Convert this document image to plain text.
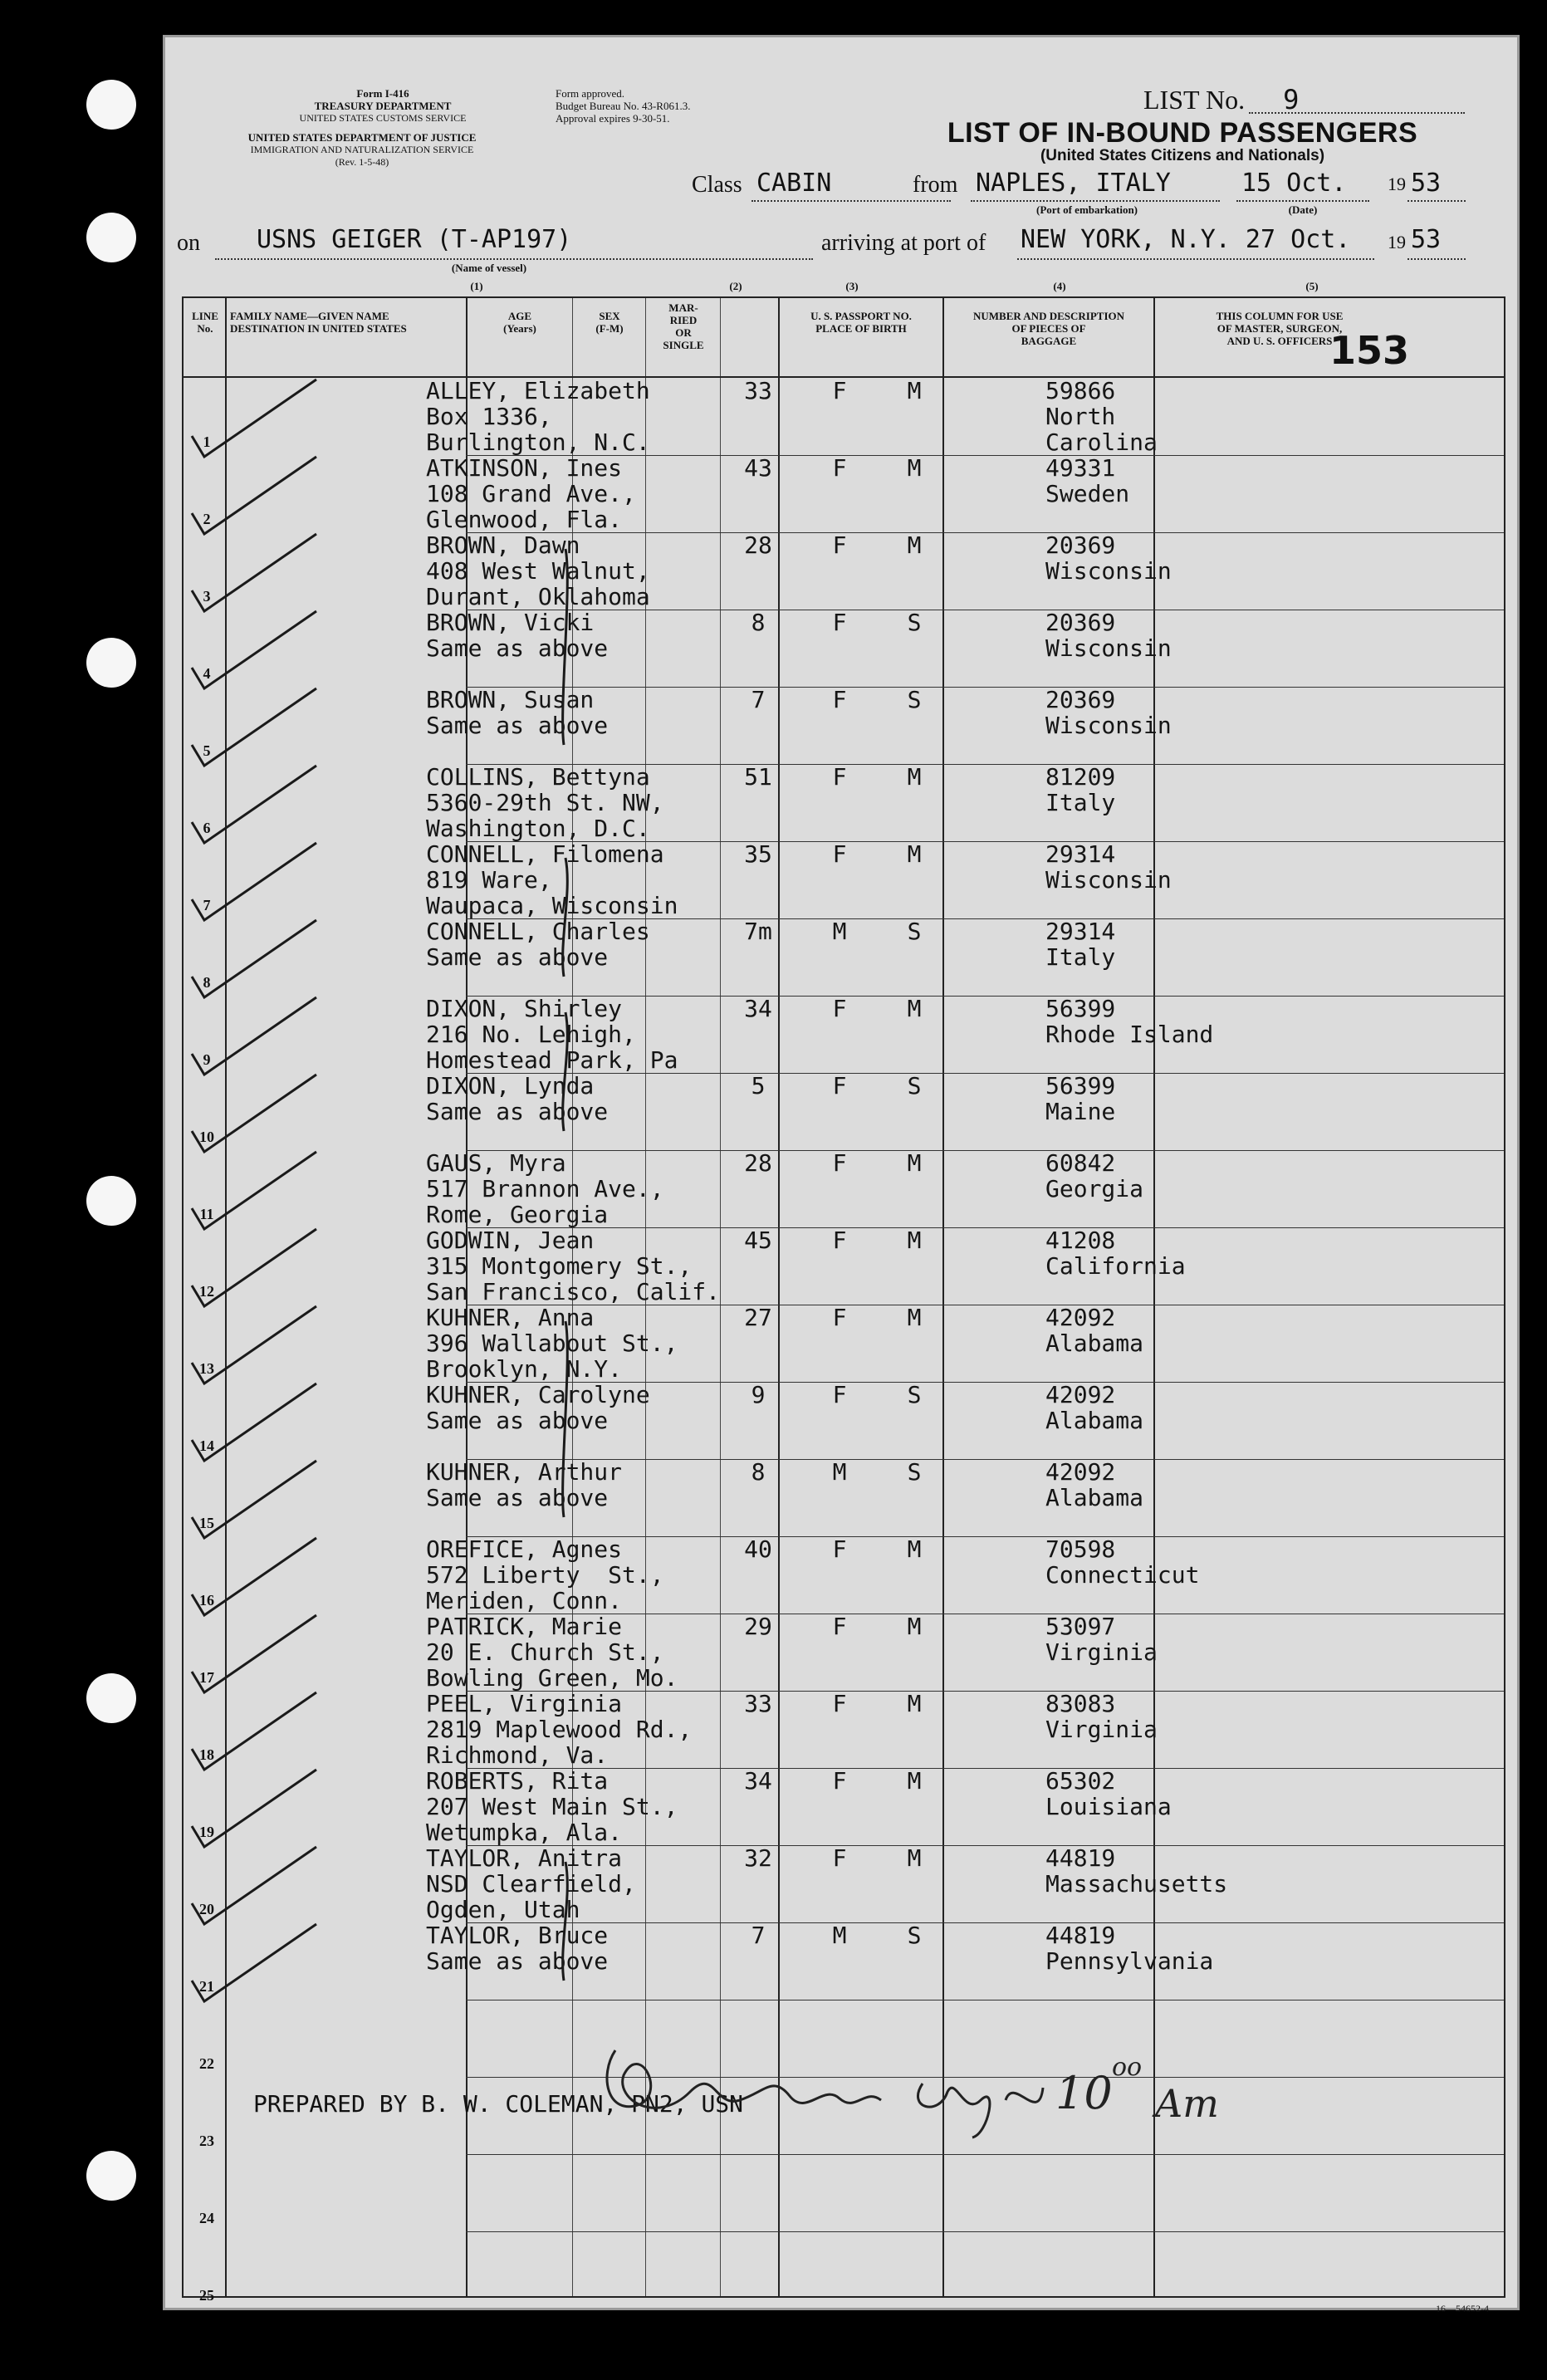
Form I-416
TREASURY DEPARTMENT
UNITED STATES CUSTOMS SERVICE
UNITED STATES DEPARTMENT OF JUSTICE
IMMIGRATION AND NATURALIZATION SERVICE
(Rev. 1-5-48)
Form approved.
Budget Bureau No. 43-R061.3.
Approval expires 9-30-51.
LIST No. 9
LIST OF IN-BOUND PASSENGERS
(United States Citizens and Nationals)
Class CABIN	from NAPLES, ITALY	15 Oct. 19 53
(Port of embarkation)	(Date)
on USNS GEIGER (T-AP197)	arriving at port of NEW YORK, N.Y. 27 Oct. 19 53
(Name of vessel)
(1)	(2)	(3)	(4)	(5)
LINE
No.
FAMILY NAME—GIVEN NAME
DESTINATION IN UNITED STATES
AGE
(Years)
SEX
(F-M)
MAR-
RIED
OR
SINGLE
U. S. PASSPORT NO.
PLACE OF BIRTH
NUMBER AND DESCRIPTION
OF PIECES OF
BAGGAGE
THIS COLUMN FOR USE
OF MASTER, SURGEON,
AND U. S. OFFICERS
153
1
ALLEY, Elizabeth
Box 1336,
Burlington, N.C.
33	F	M	59866
North
Carolina
2
ATKINSON, Ines
108 Grand Ave.,
Glenwood, Fla.
43	F	M	49331
Sweden
3
BROWN, Dawn
408 West Walnut,
Durant, Oklahoma
28	F	M	20369
Wisconsin
4
BROWN, Vicki
Same as above
8	F	S	20369
Wisconsin
5
BROWN, Susan
Same as above
7	F	S	20369
Wisconsin
6
COLLINS, Bettyna
5360-29th St. NW,
Washington, D.C.
51	F	M	81209
Italy
7
CONNELL, Filomena
819 Ware,
Waupaca, Wisconsin
35	F	M	29314
Wisconsin
8
CONNELL, Charles
Same as above
7m	M	S	29314
Italy
9
DIXON, Shirley
216 No. Lehigh,
Homestead Park, Pa
34	F	M	56399
Rhode Island
10
DIXON, Lynda
Same as above
5	F	S	56399
Maine
11
GAUS, Myra
517 Brannon Ave.,
Rome, Georgia
28	F	M	60842
Georgia
12
GODWIN, Jean
315 Montgomery St.,
San Francisco, Calif.
45	F	M	41208
California
13
KUHNER, Anna
396 Wallabout St.,
Brooklyn, N.Y.
27	F	M	42092
Alabama
14
KUHNER, Carolyne
Same as above
9	F	S	42092
Alabama
15
KUHNER, Arthur
Same as above
8	M	S	42092
Alabama
16
OREFICE, Agnes
572 Liberty  St.,
Meriden, Conn.
40	F	M	70598
Connecticut
17
PATRICK, Marie
20 E. Church St.,
Bowling Green, Mo.
29	F	M	53097
Virginia
18
PEEL, Virginia
2819 Maplewood Rd.,
Richmond, Va.
33	F	M	83083
Virginia
19
ROBERTS, Rita
207 West Main St.,
Wetumpka, Ala.
34	F	M	65302
Louisiana
20
TAYLOR, Anitra
NSD Clearfield,
Ogden, Utah
32	F	M	44819
Massachusetts
21
TAYLOR, Bruce
Same as above
7	M	S	44819
Pennsylvania
22
23
24
25
PREPARED BY B. W. COLEMAN, PN2, USN	10 oo
Am
16—54652-4
